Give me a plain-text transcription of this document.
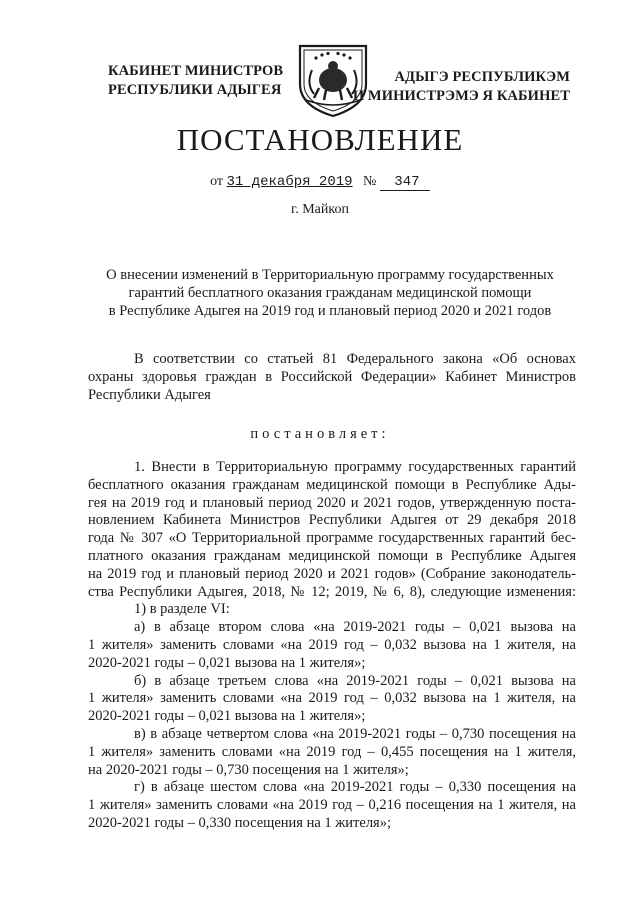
КАБИНЕТ МИНИСТРОВ
РЕСПУБЛИКИ АДЫГЕЯ
АДЫГЭ РЕСПУБЛИКЭМ
И МИНИСТРЭМЭ Я КАБИНЕТ
ПОСТАНОВЛЕНИЕ
от 31 декабря 2019 № 347
г. Майкоп
О внесении изменений в Территориальную программу государственных
гарантий бесплатного оказания гражданам медицинской помощи
в Республике Адыгея на 2019 год и плановый период 2020 и 2021 годов
В соответствии со статьей 81 Федерального закона «Об основах
охраны здоровья граждан в Российской Федерации» Кабинет Министров
Республики Адыгея
постановляет:
1. Внести в Территориальную программу государственных гарантий
бесплатного оказания гражданам медицинской помощи в Республике Ады-
гея на 2019 год и плановый период 2020 и 2021 годов, утвержденную поста-
новлением Кабинета Министров Республики Адыгея от 29 декабря 2018
года № 307 «О Территориальной программе государственных гарантий бес-
платного оказания гражданам медицинской помощи в Республике Адыгея
на 2019 год и плановый период 2020 и 2021 годов» (Собрание законодатель-
ства Республики Адыгея, 2018, № 12; 2019, № 6, 8), следующие изменения:
1) в разделе VI:
а) в абзаце втором слова «на 2019-2021 годы – 0,021 вызова на
1 жителя» заменить словами «на 2019 год – 0,032 вызова на 1 жителя, на
2020-2021 годы – 0,021 вызова на 1 жителя»;
б) в абзаце третьем слова «на 2019-2021 годы – 0,021 вызова на
1 жителя» заменить словами «на 2019 год – 0,032 вызова на 1 жителя, на
2020-2021 годы – 0,021 вызова на 1 жителя»;
в) в абзаце четвертом слова «на 2019-2021 годы – 0,730 посещения на
1 жителя» заменить словами «на 2019 год – 0,455 посещения на 1 жителя,
на 2020-2021 годы – 0,730 посещения на 1 жителя»;
г) в абзаце шестом слова «на 2019-2021 годы – 0,330 посещения на
1 жителя» заменить словами «на 2019 год – 0,216 посещения на 1 жителя, на
2020-2021 годы – 0,330 посещения на 1 жителя»;
